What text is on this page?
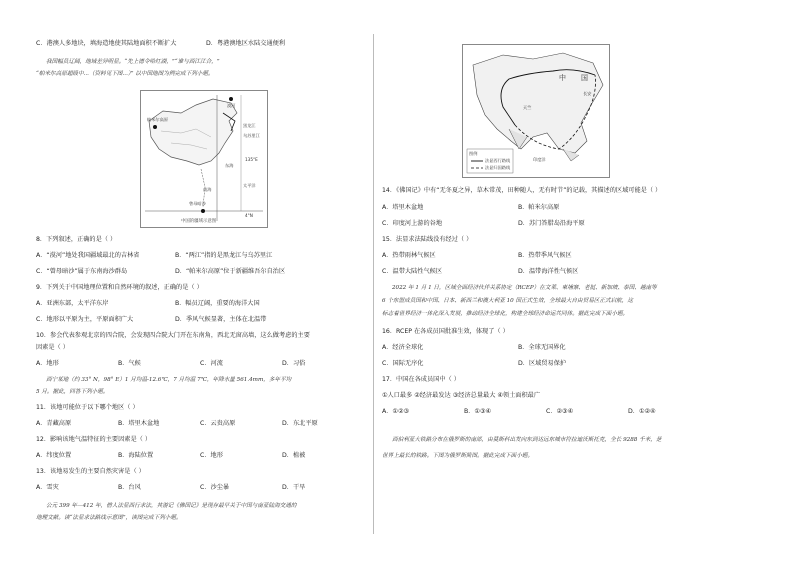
C．港澳人多地块，填海造地使其陆地面积不断扩大	D．粤港澳地区水陆交通便利
我国幅员辽阔，地域差异明显。“先上德令哈红湖，”“谁与西江江合，”
“帕米尔高原超级中...（资料见下图...）” 以中国地图为例完成下列小题。
帕米尔高原
漠河
黑龙江
乌苏里江
东海
曾母暗沙
太平洋
135°E
4°N
南海
中国的疆域示意图
8．下列叙述，正确的是（ ）
A．“漠河”地处我国疆域最北的吉林省	B．“两江”指的是黑龙江与乌苏里江
C．“曾母暗沙”属于东南海沙群岛	D．“帕米尔高原”位于新疆维吾尔自治区
9．下列关于中国地理位置和自然环境的叙述，正确的是（ ）
A．亚洲东部，太平洋东岸	B．幅员辽阔，重要的海洋大国
C．地形以平原为主，平原面积广大	D．季风气候显著，主体在北温带
10．参会代表参观北京的四合院，会发现四合院大门开在东南角，西北无窗高墙，这么做考虑的主要
因素是（ ）
A．地形	B．气候	C．河流	D．习俗
西宁某地（约 33° N，98° E）1 月均温-12.6℃，7 月均温 7℃，年降水量 561.4mm，多年平均
5 月。据此，回答下列小题。
11．该地可能位于以下哪个地区（ ）
A．青藏高原	B．塔里木盆地	C．云贵高原	D．东北平原
12．影响该地气温特征的主要因素是（ ）
A．纬度位置	B．海陆位置	C．地形	D．植被
13．该地易发生的主要自然灾害是（ ）
A．雪灾	B．台风	C．沙尘暴	D．干旱
公元 399 年—412 年，僧人法显西行求法，其游记《佛国记》是现存最早关于中国与南亚陆海交通的
地理文献。读“法显求法路线示意图”，读图完成下列小题。
图例
法显西行路线
法显归国路线
中 国
天竺
印度洋
长安
14．《佛国记》中有“无冬夏之异，草木常茂，田种随人，无有时节”的记载，其描述的区域可能是（ ）
A．塔里木盆地	B．帕米尔高原
C．印度河上游的谷地	D．苏门答腊岛沿海平原
15．法显求法陆线没有经过（ ）
A．热带雨林气候区	B．热带季风气候区
C．温带大陆性气候区	D．温带海洋性气候区
2022 年 1 月 1 日，区域全面经济伙伴关系协定（RCEP）在文莱、柬埔寨、老挝、新加坡、泰国、越南等
6 个东盟成员国和中国、日本、新西兰和澳大利亚 10 国正式生效，全球最大自由贸易区正式启航，这
标志着世界经济一体化深入发展，推动经济全球化，构建全球经济命运共同体。据此完成下面小题。
16．RCEP 在各成员国批准生效，体现了（ ）
A．经济全球化	B．全球无国界化
C．国际无序化	D．区域贸易保护
17．中国在各成员国中（ ）
①人口最多 ②经济最发达 ③经济总量最大 ④领土面积最广
A．①②③	B．①③④	C．②③④	D．①②④
西伯利亚大铁路分布在俄罗斯的南部，由莫斯科出发向东到达远东城市符拉迪沃斯托克，全长 9288 千米，是
世界上最长的铁路。下图为俄罗斯简图。据此完成下面小题。
